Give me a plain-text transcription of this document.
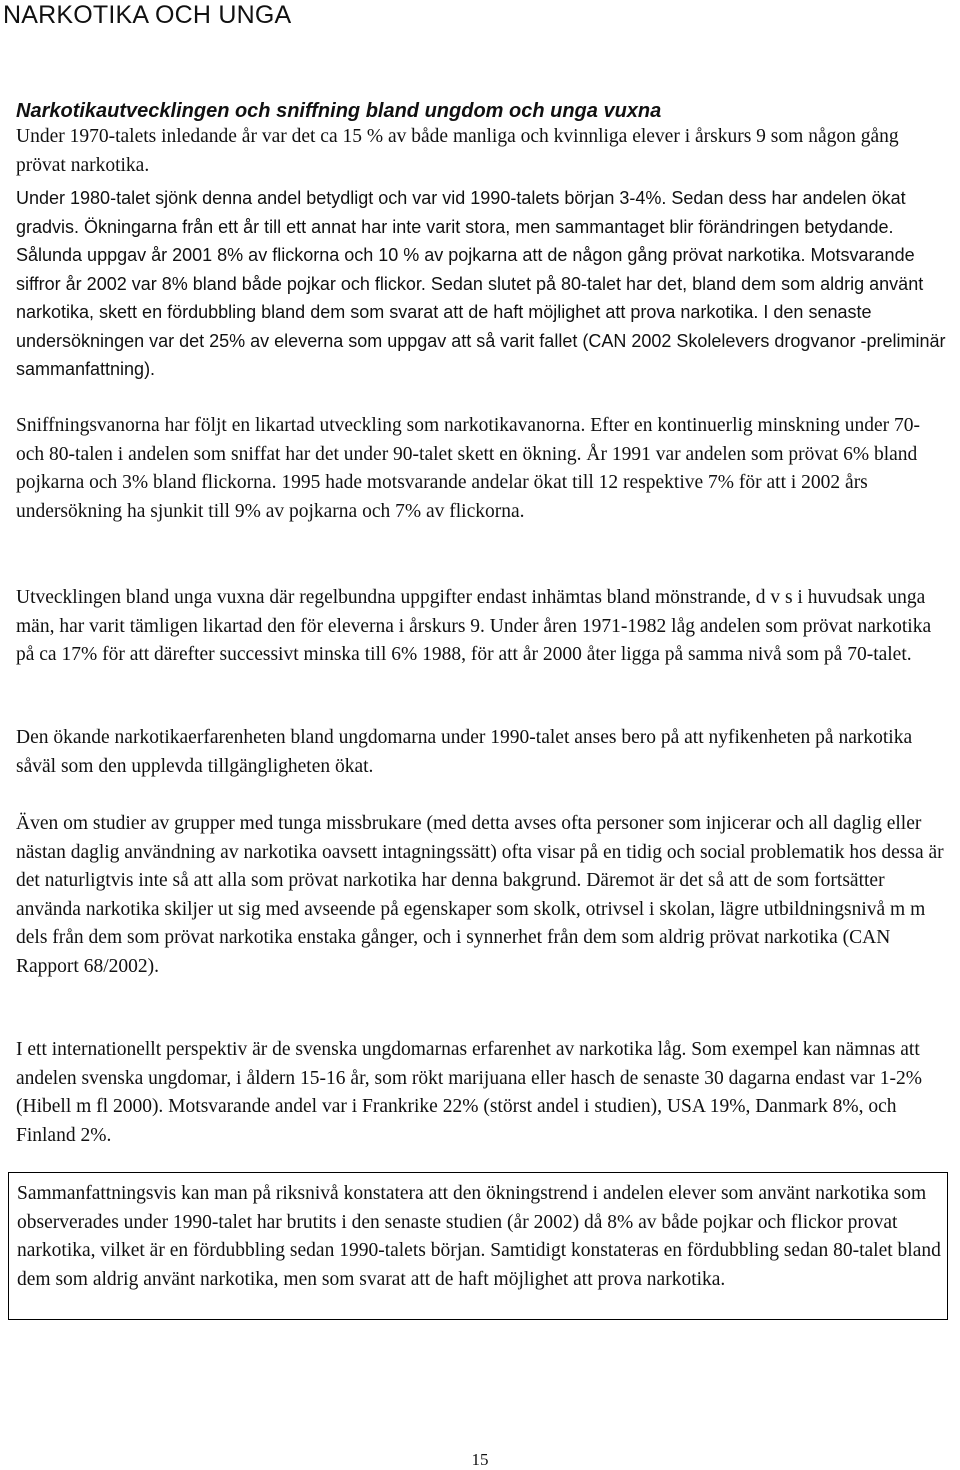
NARKOTIKA OCH UNGA
Narkotikautvecklingen och sniffning bland ungdom och unga vuxna

Under 1970-talets inledande år var det ca 15 % av både manliga och kvinnliga elever i årskurs 9 som någon gång prövat narkotika.

Under 1980-talet sjönk denna andel betydligt och var vid 1990-talets början 3-4%. Sedan dess har andelen ökat gradvis. Ökningarna från ett år till ett annat har inte varit stora, men sammantaget blir förändringen betydande. Sålunda uppgav år 2001 8% av flickorna och 10 % av pojkarna att de någon gång prövat narkotika. Motsvarande siffror år 2002 var 8% bland både pojkar och flickor. Sedan slutet på 80-talet har det, bland dem som aldrig använt narkotika, skett en fördubbling bland dem som svarat att de haft möjlighet att prova narkotika. I den senaste undersökningen var det 25% av eleverna som uppgav att så varit fallet (CAN 2002 Skolelevers drogvanor -preliminär sammanfattning).

Sniffningsvanorna har följt en likartad utveckling som narkotikavanorna. Efter en kontinuerlig minskning under 70- och 80-talen i andelen som sniffat har det under 90-talet skett en ökning. År 1991 var andelen som prövat 6% bland pojkarna och 3% bland flickorna. 1995 hade motsvarande andelar ökat till 12 respektive 7% för att i 2002 års undersökning ha sjunkit till 9% av pojkarna och 7% av flickorna.

Utvecklingen bland unga vuxna där regelbundna uppgifter endast inhämtas bland mönstrande, d v s i huvudsak unga män, har varit tämligen likartad den för eleverna i årskurs 9. Under åren 1971-1982 låg andelen som prövat narkotika på ca 17% för att därefter successivt minska till 6% 1988, för att år 2000 åter ligga på samma nivå som på 70-talet.

Den ökande narkotikaerfarenheten bland ungdomarna under 1990-talet anses bero på att nyfikenheten på narkotika såväl som den upplevda tillgängligheten ökat.

Även om studier av grupper med tunga missbrukare (med detta avses ofta personer som injicerar och all daglig eller nästan daglig användning av narkotika oavsett intagningssätt) ofta visar på en tidig och social problematik hos dessa är det naturligtvis inte så att alla som prövat narkotika har denna bakgrund. Däremot är det så att de som fortsätter använda narkotika skiljer ut sig med avseende på egenskaper som skolk, otrivsel i skolan, lägre utbildningsnivå m m dels från dem som prövat narkotika enstaka gånger, och i synnerhet från dem som aldrig prövat narkotika (CAN Rapport 68/2002).

I ett internationellt perspektiv är de svenska ungdomarnas erfarenhet av narkotika låg. Som exempel kan nämnas att andelen svenska ungdomar, i åldern 15-16 år, som rökt marijuana eller hasch de senaste 30 dagarna endast var 1-2% (Hibell m fl 2000). Motsvarande andel var i Frankrike 22% (störst andel i studien), USA 19%, Danmark 8%, och Finland 2%.

Sammanfattningsvis kan man på riksnivå konstatera att den ökningstrend i andelen elever som använt narkotika som observerades under 1990-talet har brutits i den senaste studien (år 2002) då 8% av både pojkar och flickor provat narkotika, vilket är en fördubbling sedan 1990-talets början. Samtidigt konstateras en fördubbling sedan 80-talet bland dem som aldrig använt narkotika, men som svarat att de haft möjlighet att prova narkotika.

15
